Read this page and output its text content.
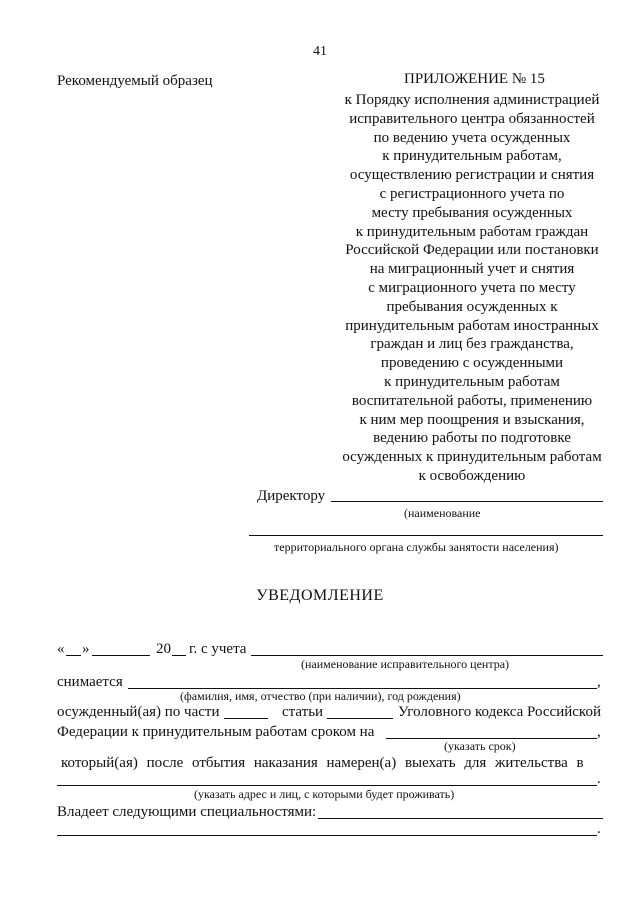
41
Рекомендуемый образец	ПРИЛОЖЕНИЕ № 15
к Порядку исполнения администрацией
исправительного центра обязанностей
по ведению учета осужденных
к принудительным работам,
осуществлению регистрации и снятия
с регистрационного учета по
месту пребывания осужденных
к принудительным работам граждан
Российской Федерации или постановки
на миграционный учет и снятия
с миграционного учета по месту
пребывания осужденных к
принудительным работам иностранных
граждан и лиц без гражданства,
проведению с осужденными
к принудительным работам
воспитательной работы, применению
к ним мер поощрения и взыскания,
ведению работы по подготовке
осужденных к принудительным работам
к освобождению
Директору
(наименование
территориального органа службы занятости населения)
УВЕДОМЛЕНИЕ
« »	20 г. с учета
(наименование исправительного центра)
снимается	,
(фамилия, имя, отчество (при наличии), год рождения)
осужденный(ая) по части	статьи	Уголовного кодекса Российской
Федерации к принудительным работам сроком на	,
(указать срок)
который(ая) после отбытия наказания намерен(а) выехать для жительства в
.
(указать адрес и лиц, с которыми будет проживать)
Владеет следующими специальностями:
.
